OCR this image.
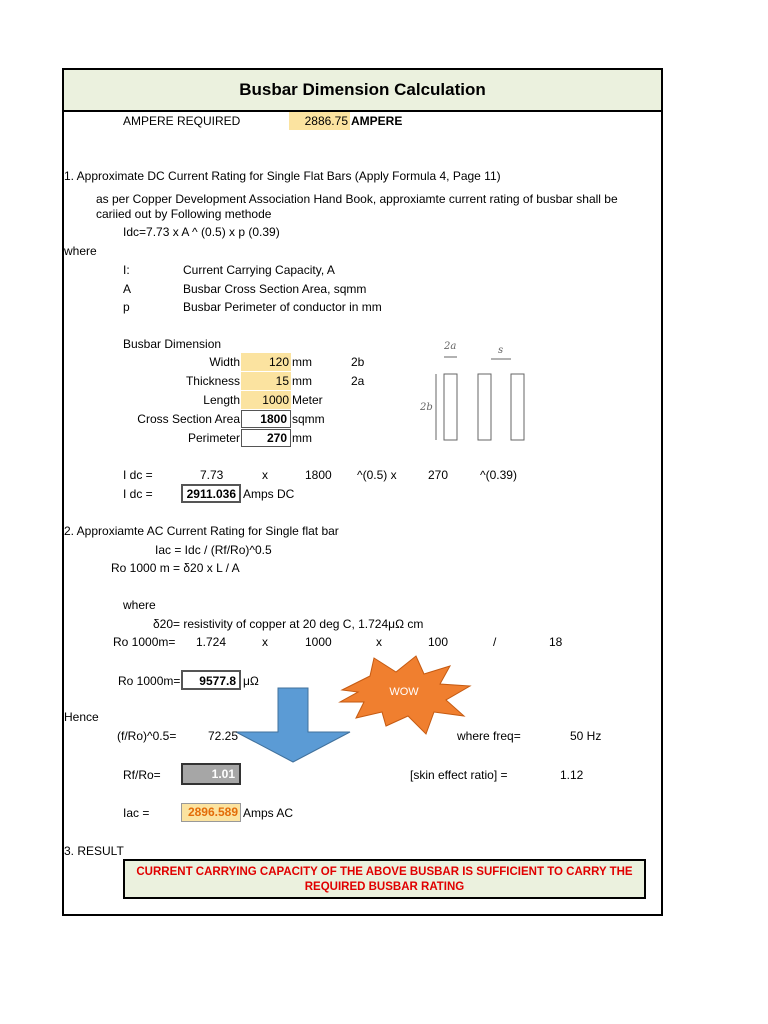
Busbar Dimension Calculation
AMPERE REQUIRED	2886.75 AMPERE
1. Approximate DC Current Rating for Single Flat Bars (Apply Formula 4, Page 11)
as per Copper Development Association Hand Book, approxiamte current rating of busbar shall be
cariied out by Following methode
Idc=7.73 x A ^ (0.5) x p (0.39)
where
I:	Current Carrying Capacity, A
A	Busbar Cross Section Area, sqmm
p	Busbar Perimeter of conductor in mm
Busbar Dimension
Width	120 mm	2b
Thickness	15 mm	2a
Length	1000 Meter
Cross Section Area	1800 sqmm
Perimeter	270 mm
2a	s
2b
I dc =	7.73	x	1800 ^(0.5) x	270	^(0.39)
I dc =	2911.036 Amps DC
2. Approxiamte AC Current Rating for Single flat bar
Iac = Idc / (Rf/Ro)^0.5
Ro 1000 m = δ20 x L / A
where
δ20= resistivity of copper at 20 deg C, 1.724μΩ cm
Ro 1000m= 1.724	x	1000	x	100	/	18
Ro 1000m=	9577.8 μΩ
WOW
Hence
(f/Ro)^0.5=	72.25	where freq=	50 Hz
Rf/Ro=	1.01	[skin effect ratio] =	1.12
Iac =	2896.589 Amps AC
3. RESULT
CURRENT CARRYING CAPACITY OF THE ABOVE BUSBAR IS SUFFICIENT TO CARRY THE
REQUIRED BUSBAR RATING
